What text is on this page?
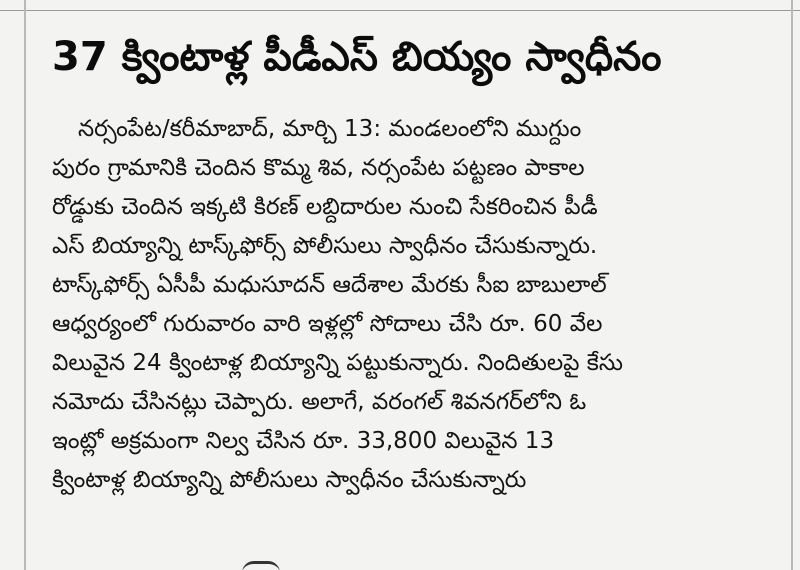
37 క్వింటాళ్ల పీడీఎస్ బియ్యం స్వాధీనం
నర్సంపేట/కరీమాబాద్, మార్చి 13: మండలంలోని ముగ్దుం
పురం గ్రామానికి చెందిన కొమ్మ శివ, నర్సంపేట పట్టణం పాకాల
రోడ్డుకు చెందిన ఇక్కటి కిరణ్ లబ్దిదారుల నుంచి సేకరించిన పీడీ
ఎస్ బియ్యాన్ని టాస్క్‌ఫోర్స్ పోలీసులు స్వాధీనం చేసుకున్నారు.
టాస్క్‌ఫోర్స్ ఏసీపీ మధుసూదన్ ఆదేశాల మేరకు సీఐ బాబులాల్
ఆధ్వర్యంలో గురువారం వారి ఇళ్లల్లో సోదాలు చేసి రూ. 60 వేల
విలువైన 24 క్వింటాళ్ల బియ్యాన్ని పట్టుకున్నారు. నిందితులపై కేసు
నమోదు చేసినట్లు చెప్పారు. అలాగే, వరంగల్ శివనగర్‌లోని ఓ
ఇంట్లో అక్రమంగా నిల్వ చేసిన రూ. 33,800 విలువైన 13
క్వింటాళ్ల బియ్యాన్ని పోలీసులు స్వాధీనం చేసుకున్నారు
